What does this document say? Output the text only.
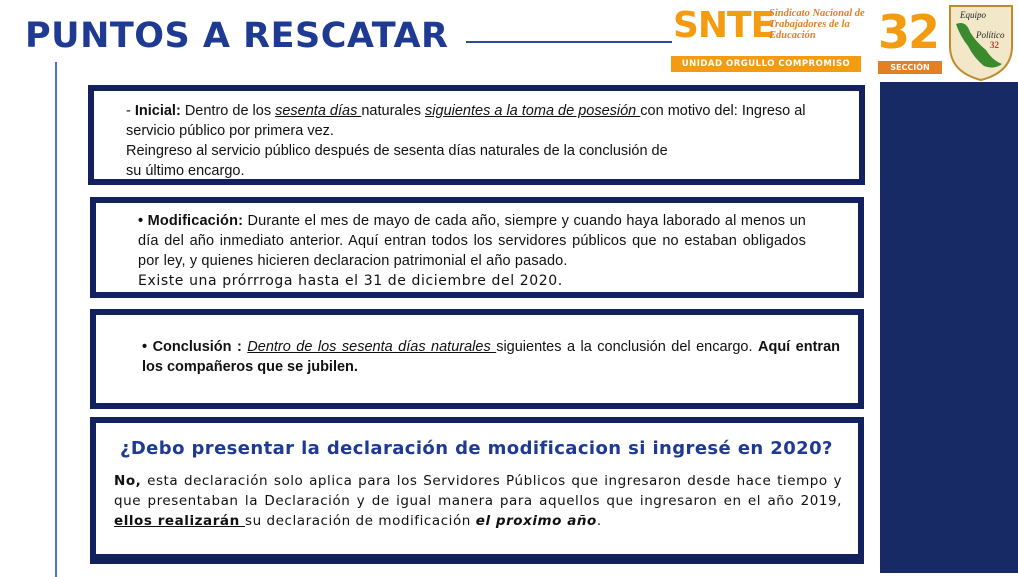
PUNTOS A RESCATAR	SNTE
Sindicato Nacional de Trabajadores de la Educación
UNIDAD ORGULLO COMPROMISO
32
SECCIÓN
Equipo
Político
32

- Inicial: Dentro de los sesenta días naturales siguientes a la toma de posesión con motivo del: Ingreso al servicio público por primera vez.

Reingreso al servicio público después de sesenta días naturales de la conclusión de

su último encargo.

• Modificación: Durante el mes de mayo de cada año, siempre y cuando haya laborado al menos un día del año inmediato anterior. Aquí entran todos los servidores públicos que no estaban obligados por ley, y quienes hicieren declaracion patrimonial el año pasado.

Existe una prórrroga hasta el 31 de diciembre del 2020.

• Conclusión : Dentro de los sesenta días naturales siguientes a la conclusión del encargo. Aquí entran los compañeros que se jubilen.

¿Debo presentar la declaración de modificacion si ingresé en 2020?

No, esta declaración solo aplica para los Servidores Públicos que ingresaron desde hace tiempo y que presentaban la Declaración y de igual manera para aquellos que ingresaron en el año 2019, ellos realizarán su declaración de modificación el proximo año.
